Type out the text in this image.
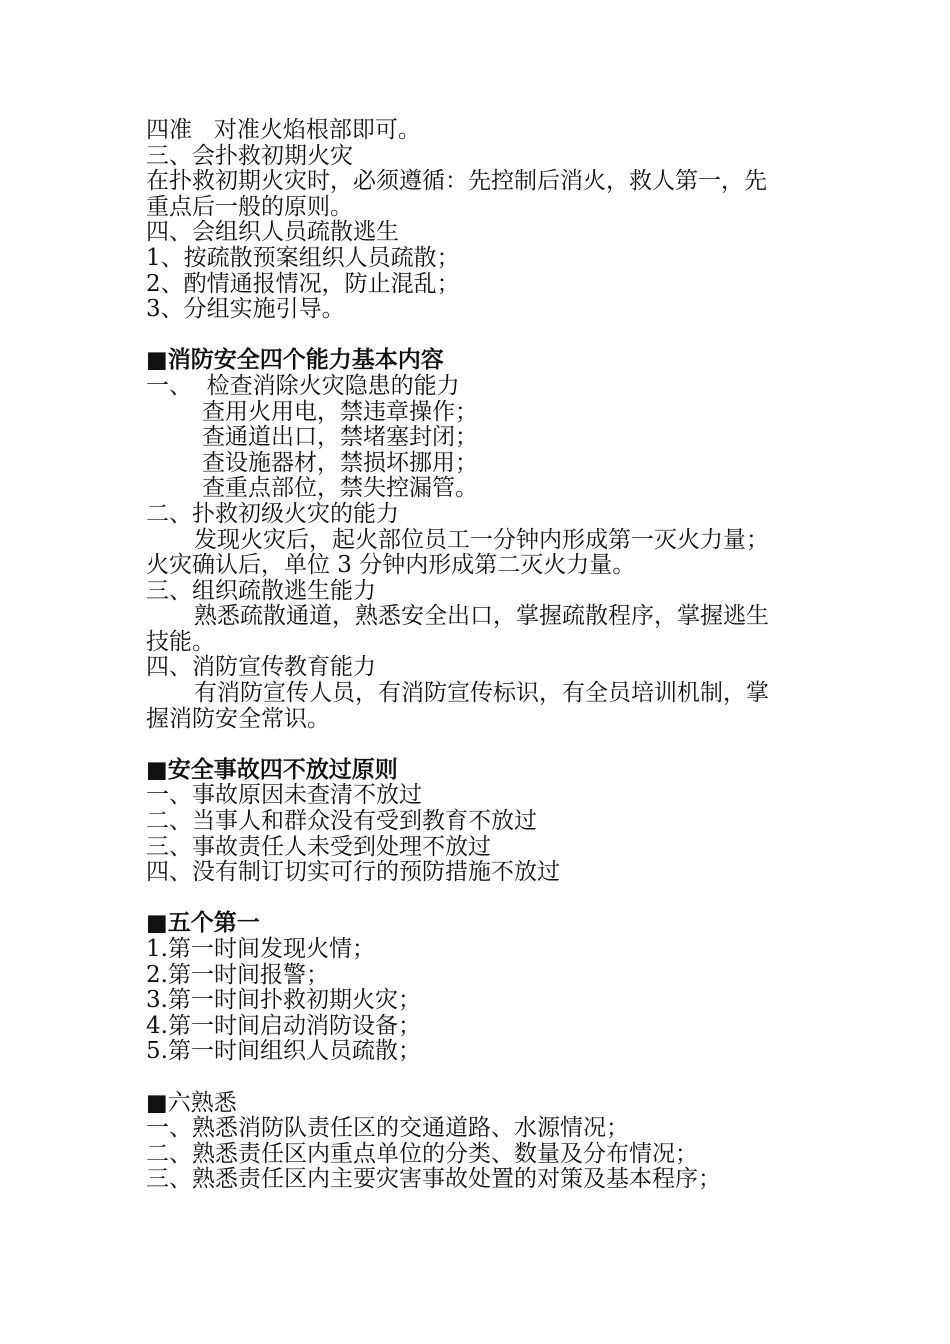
四准   对准火焰根部即可。
三、会扑救初期火灾
在扑救初期火灾时，必须遵循：先控制后消火，救人第一，先
重点后一般的原则。
四、会组织人员疏散逃生
1、按疏散预案组织人员疏散；
2、酌情通报情况，防止混乱；
3、分组实施引导。
■消防安全四个能力基本内容
一、  检查消除火灾隐患的能力
查用火用电，禁违章操作；
查通道出口，禁堵塞封闭；
查设施器材，禁损坏挪用；
查重点部位，禁失控漏管。
二、扑救初级火灾的能力
发现火灾后，起火部位员工一分钟内形成第一灭火力量；
火灾确认后，单位 3 分钟内形成第二灭火力量。
三、组织疏散逃生能力
熟悉疏散通道，熟悉安全出口，掌握疏散程序，掌握逃生
技能。
四、消防宣传教育能力
有消防宣传人员，有消防宣传标识，有全员培训机制，掌
握消防安全常识。
■安全事故四不放过原则
一、事故原因未查清不放过
二、当事人和群众没有受到教育不放过
三、事故责任人未受到处理不放过
四、没有制订切实可行的预防措施不放过
■五个第一
1.第一时间发现火情；
2.第一时间报警；
3.第一时间扑救初期火灾；
4.第一时间启动消防设备；
5.第一时间组织人员疏散；
■六熟悉
一、熟悉消防队责任区的交通道路、水源情况；
二、熟悉责任区内重点单位的分类、数量及分布情况；
三、熟悉责任区内主要灾害事故处置的对策及基本程序；
